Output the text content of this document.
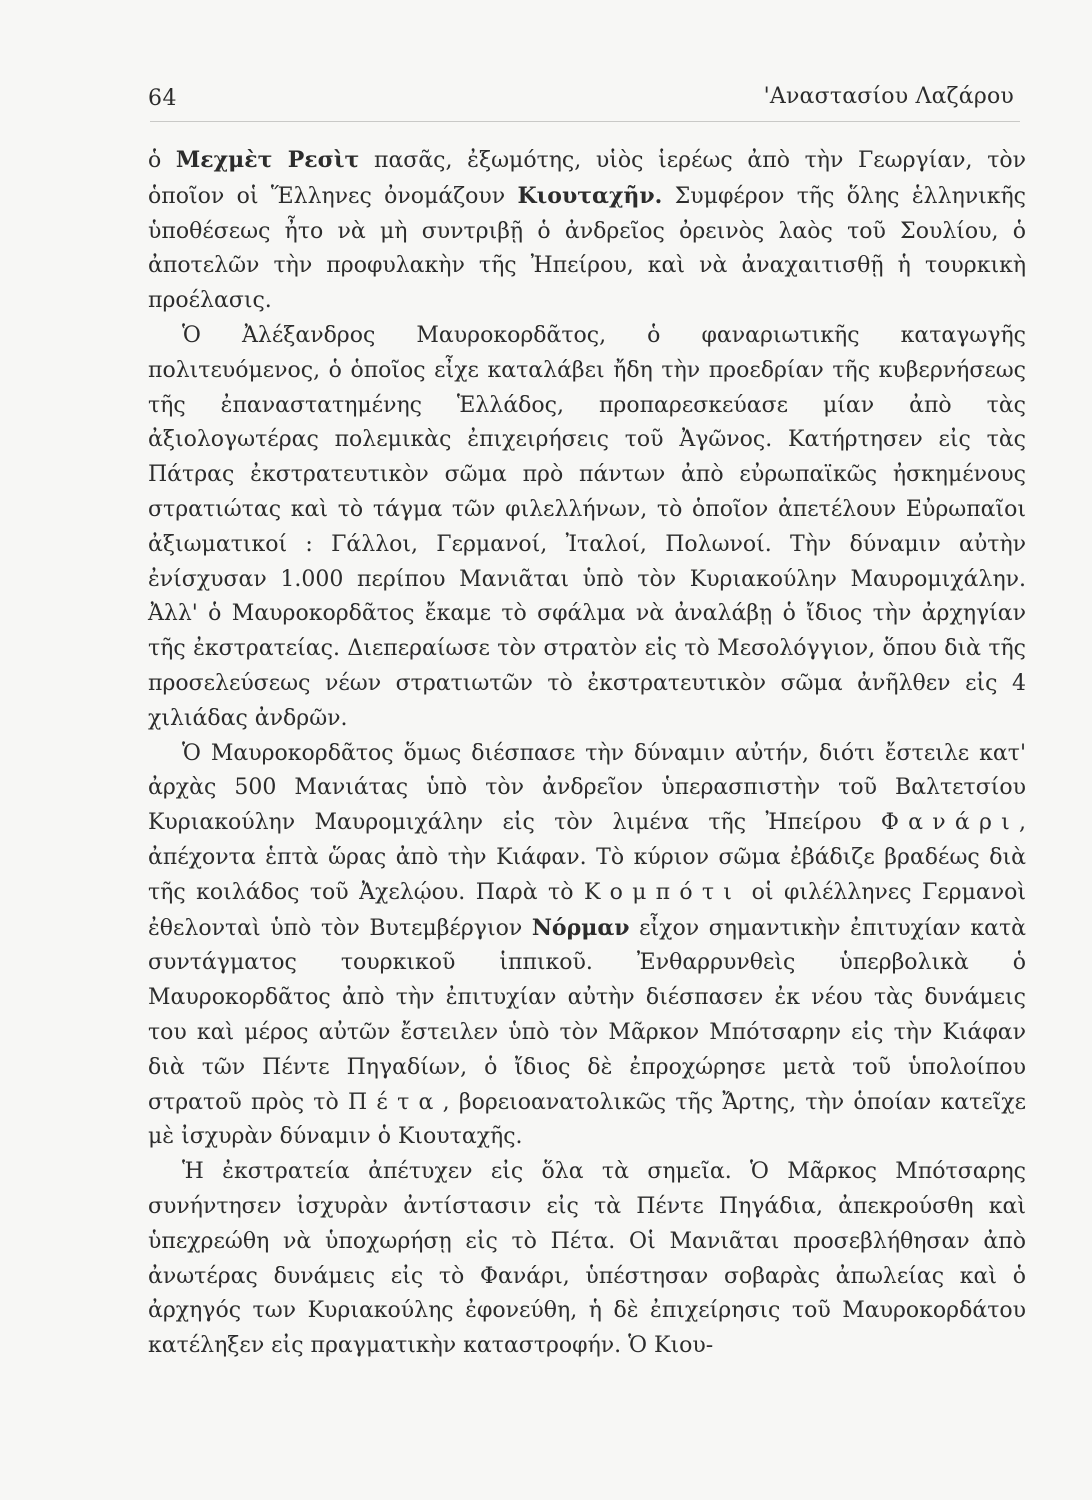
64	'Αναστασίου Λαζάρου

ὁ Μεχμὲτ Ρεσὶτ πασᾶς, ἐξωμότης, υἱὸς ἱερέως ἀπὸ τὴν Γεωργίαν, τὸν ὁποῖον οἱ Ἕλληνες ὀνομάζουν Κιουταχῆν. Συμφέρον τῆς ὅλης ἑλληνικῆς ὑποθέσεως ἦτο νὰ μὴ συντριβῇ ὁ ἀνδρεῖος ὀρεινὸς λαὸς τοῦ Σουλίου, ὁ ἀποτελῶν τὴν προφυλακὴν τῆς Ἠπείρου, καὶ νὰ ἀναχαιτισθῇ ἡ τουρκικὴ προέλασις.

Ὁ Ἀλέξανδρος Μαυροκορδᾶτος, ὁ φαναριωτικῆς καταγωγῆς πολιτευόμενος, ὁ ὁποῖος εἶχε καταλάβει ἤδη τὴν προεδρίαν τῆς κυβερνήσεως τῆς ἐπαναστατημένης Ἑλλάδος, προπαρεσκεύασε μίαν ἀπὸ τὰς ἀξιολογωτέρας πολεμικὰς ἐπιχειρήσεις τοῦ Ἀγῶνος. Κατήρτησεν εἰς τὰς Πάτρας ἐκστρατευτικὸν σῶμα πρὸ πάντων ἀπὸ εὐρωπαϊκῶς ἠσκημένους στρατιώτας καὶ τὸ τάγμα τῶν φιλελλήνων, τὸ ὁποῖον ἀπετέλουν Εὐρωπαῖοι ἀξιωματικοί : Γάλλοι, Γερμανοί, Ἰταλοί, Πολωνοί. Τὴν δύναμιν αὐτὴν ἐνίσχυσαν 1.000 περίπου Μανιᾶται ὑπὸ τὸν Κυριακούλην Μαυρομιχάλην. Ἀλλ' ὁ Μαυροκορδᾶτος ἔκαμε τὸ σφάλμα νὰ ἀναλάβῃ ὁ ἴδιος τὴν ἀρχηγίαν τῆς ἐκστρατείας. Διεπεραίωσε τὸν στρατὸν εἰς τὸ Μεσολόγγιον, ὅπου διὰ τῆς προσελεύσεως νέων στρατιωτῶν τὸ ἐκστρατευτικὸν σῶμα ἀνῆλθεν εἰς 4 χιλιάδας ἀνδρῶν.

Ὁ Μαυροκορδᾶτος ὅμως διέσπασε τὴν δύναμιν αὐτήν, διότι ἔστειλε κατ' ἀρχὰς 500 Μανιάτας ὑπὸ τὸν ἀνδρεῖον ὑπερασπιστὴν τοῦ Βαλτετσίου Κυριακούλην Μαυρομιχάλην εἰς τὸν λιμένα τῆς Ἠπείρου Φανάρι, ἀπέχοντα ἑπτὰ ὥρας ἀπὸ τὴν Κιάφαν. Τὸ κύριον σῶμα ἐβάδιζε βραδέως διὰ τῆς κοιλάδος τοῦ Ἀχελῴου. Παρὰ τὸ Κομπότι οἱ φιλέλληνες Γερμανοὶ ἐθελονταὶ ὑπὸ τὸν Βυτεμβέργιον Νόρμαν εἶχον σημαντικὴν ἐπιτυχίαν κατὰ συντάγματος τουρκικοῦ ἱππικοῦ. Ἐνθαρρυνθεὶς ὑπερβολικὰ ὁ Μαυροκορδᾶτος ἀπὸ τὴν ἐπιτυχίαν αὐτὴν διέσπασεν ἐκ νέου τὰς δυνάμεις του καὶ μέρος αὐτῶν ἔστειλεν ὑπὸ τὸν Μᾶρκον Μπότσαρην εἰς τὴν Κιάφαν διὰ τῶν Πέντε Πηγαδίων, ὁ ἴδιος δὲ ἐπροχώρησε μετὰ τοῦ ὑπολοίπου στρατοῦ πρὸς τὸ Πέτα, βορειοανατολικῶς τῆς Ἄρτης, τὴν ὁποίαν κατεῖχε μὲ ἰσχυρὰν δύναμιν ὁ Κιουταχῆς.

Ἡ ἐκστρατεία ἀπέτυχεν εἰς ὅλα τὰ σημεῖα. Ὁ Μᾶρκος Μπότσαρης συνήντησεν ἰσχυρὰν ἀντίστασιν εἰς τὰ Πέντε Πηγάδια, ἀπεκρούσθη καὶ ὑπεχρεώθη νὰ ὑποχωρήσῃ εἰς τὸ Πέτα. Οἱ Μανιᾶται προσεβλήθησαν ἀπὸ ἀνωτέρας δυνάμεις εἰς τὸ Φανάρι, ὑπέστησαν σοβαρὰς ἀπωλείας καὶ ὁ ἀρχηγός των Κυριακούλης ἐφονεύθη, ἡ δὲ ἐπιχείρησις τοῦ Μαυροκορδάτου κατέληξεν εἰς πραγματικὴν καταστροφήν. Ὁ Κιου-
